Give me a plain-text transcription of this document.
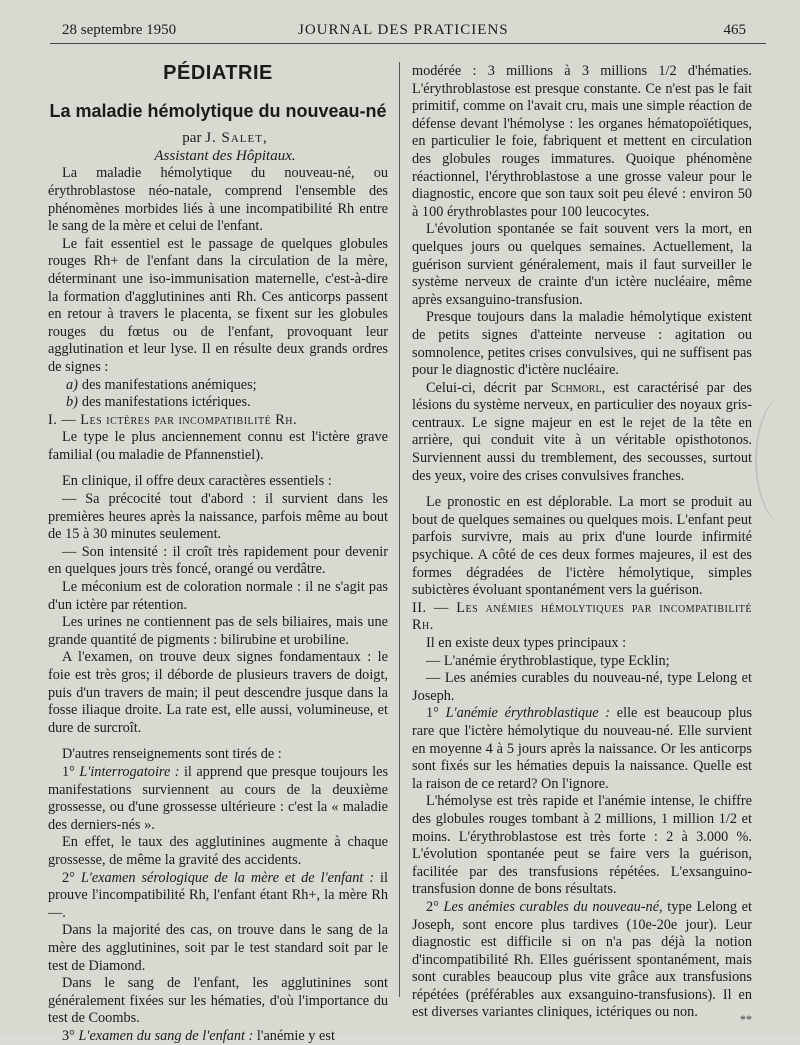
28 septembre 1950	JOURNAL DES PRATICIENS	465
PÉDIATRIE
La maladie hémolytique du nouveau-né

par J. Salet,

Assistant des Hôpitaux.

La maladie hémolytique du nouveau-né, ou érythroblastose néo-natale, comprend l'ensemble des phénomènes morbides liés à une incompatibilité Rh entre le sang de la mère et celui de l'enfant.

Le fait essentiel est le passage de quelques globules rouges Rh+ de l'enfant dans la circulation de la mère, déterminant une iso-immunisation maternelle, c'est-à-dire la formation d'agglutinines anti Rh. Ces anticorps passent en retour à travers le placenta, se fixent sur les globules rouges du fœtus ou de l'enfant, provoquant leur agglutination et leur lyse. Il en résulte deux grands ordres de signes :

a) des manifestations anémiques;
b) des manifestations ictériques.

I. — Les ictères par incompatibilité Rh.

Le type le plus anciennement connu est l'ictère grave familial (ou maladie de Pfannenstiel).

En clinique, il offre deux caractères essentiels :

— Sa précocité tout d'abord : il survient dans les premières heures après la naissance, parfois même au bout de 15 à 30 minutes seulement.

— Son intensité : il croît très rapidement pour devenir en quelques jours très foncé, orangé ou verdâtre.

Le méconium est de coloration normale : il ne s'agit pas d'un ictère par rétention.

Les urines ne contiennent pas de sels biliaires, mais une grande quantité de pigments : bilirubine et urobiline.

A l'examen, on trouve deux signes fondamentaux : le foie est très gros; il déborde de plusieurs travers de doigt, puis d'un travers de main; il peut descendre jusque dans la fosse iliaque droite. La rate est, elle aussi, volumineuse, et dure de surcroît.

D'autres renseignements sont tirés de :

1° L'interrogatoire : il apprend que presque toujours les manifestations surviennent au cours de la deuxième grossesse, ou d'une grossesse ultérieure : c'est la « maladie des derniers-nés ».

En effet, le taux des agglutinines augmente à chaque grossesse, de même la gravité des accidents.

2° L'examen sérologique de la mère et de l'enfant : il prouve l'incompatibilité Rh, l'enfant étant Rh+, la mère Rh—.

Dans la majorité des cas, on trouve dans le sang de la mère des agglutinines, soit par le test standard soit par le test de Diamond.

Dans le sang de l'enfant, les agglutinines sont généralement fixées sur les hématies, d'où l'importance du test de Coombs.

3° L'examen du sang de l'enfant : l'anémie y est

modérée : 3 millions à 3 millions 1/2 d'hématies. L'érythroblastose est presque constante. Ce n'est pas le fait primitif, comme on l'avait cru, mais une simple réaction de défense devant l'hémolyse : les organes hématopoïétiques, en particulier le foie, fabriquent et mettent en circulation des globules rouges immatures. Quoique phénomène réactionnel, l'érythroblastose a une grosse valeur pour le diagnostic, encore que son taux soit peu élevé : environ 50 à 100 érythroblastes pour 100 leucocytes.

L'évolution spontanée se fait souvent vers la mort, en quelques jours ou quelques semaines. Actuellement, la guérison survient généralement, mais il faut surveiller le système nerveux de crainte d'un ictère nucléaire, même après exsanguino-transfusion.

Presque toujours dans la maladie hémolytique existent de petits signes d'atteinte nerveuse : agitation ou somnolence, petites crises convulsives, qui ne suffisent pas pour le diagnostic d'ictère nucléaire.

Celui-ci, décrit par Schmorl, est caractérisé par des lésions du système nerveux, en particulier des noyaux gris-centraux. Le signe majeur en est le rejet de la tête en arrière, qui conduit vite à un véritable opisthotonos. Surviennent aussi du tremblement, des secousses, surtout des yeux, voire des crises convulsives franches.

Le pronostic en est déplorable. La mort se produit au bout de quelques semaines ou quelques mois. L'enfant peut parfois survivre, mais au prix d'une lourde infirmité psychique. A côté de ces deux formes majeures, il est des formes dégradées de l'ictère hémolytique, simples subictères évoluant spontanément vers la guérison.

II. — Les anémies hémolytiques par incompatibilité Rh.

Il en existe deux types principaux :

— L'anémie érythroblastique, type Ecklin;

— Les anémies curables du nouveau-né, type Lelong et Joseph.

1° L'anémie érythroblastique : elle est beaucoup plus rare que l'ictère hémolytique du nouveau-né. Elle survient en moyenne 4 à 5 jours après la naissance. Or les anticorps sont fixés sur les hématies depuis la naissance. Quelle est la raison de ce retard? On l'ignore.

L'hémolyse est très rapide et l'anémie intense, le chiffre des globules rouges tombant à 2 millions, 1 million 1/2 et moins. L'érythroblastose est très forte : 2 à 3.000 %. L'évolution spontanée peut se faire vers la guérison, facilitée par des transfusions répétées. L'exsanguino-transfusion donne de bons résultats.

2° Les anémies curables du nouveau-né, type Lelong et Joseph, sont encore plus tardives (10e-20e jour). Leur diagnostic est difficile si on n'a pas déjà la notion d'incompatibilité Rh. Elles guérissent spontanément, mais sont curables beaucoup plus vite grâce aux transfusions répétées (préférables aux exsanguino-transfusions). Il en est diverses variantes cliniques, ictériques ou non.	**
